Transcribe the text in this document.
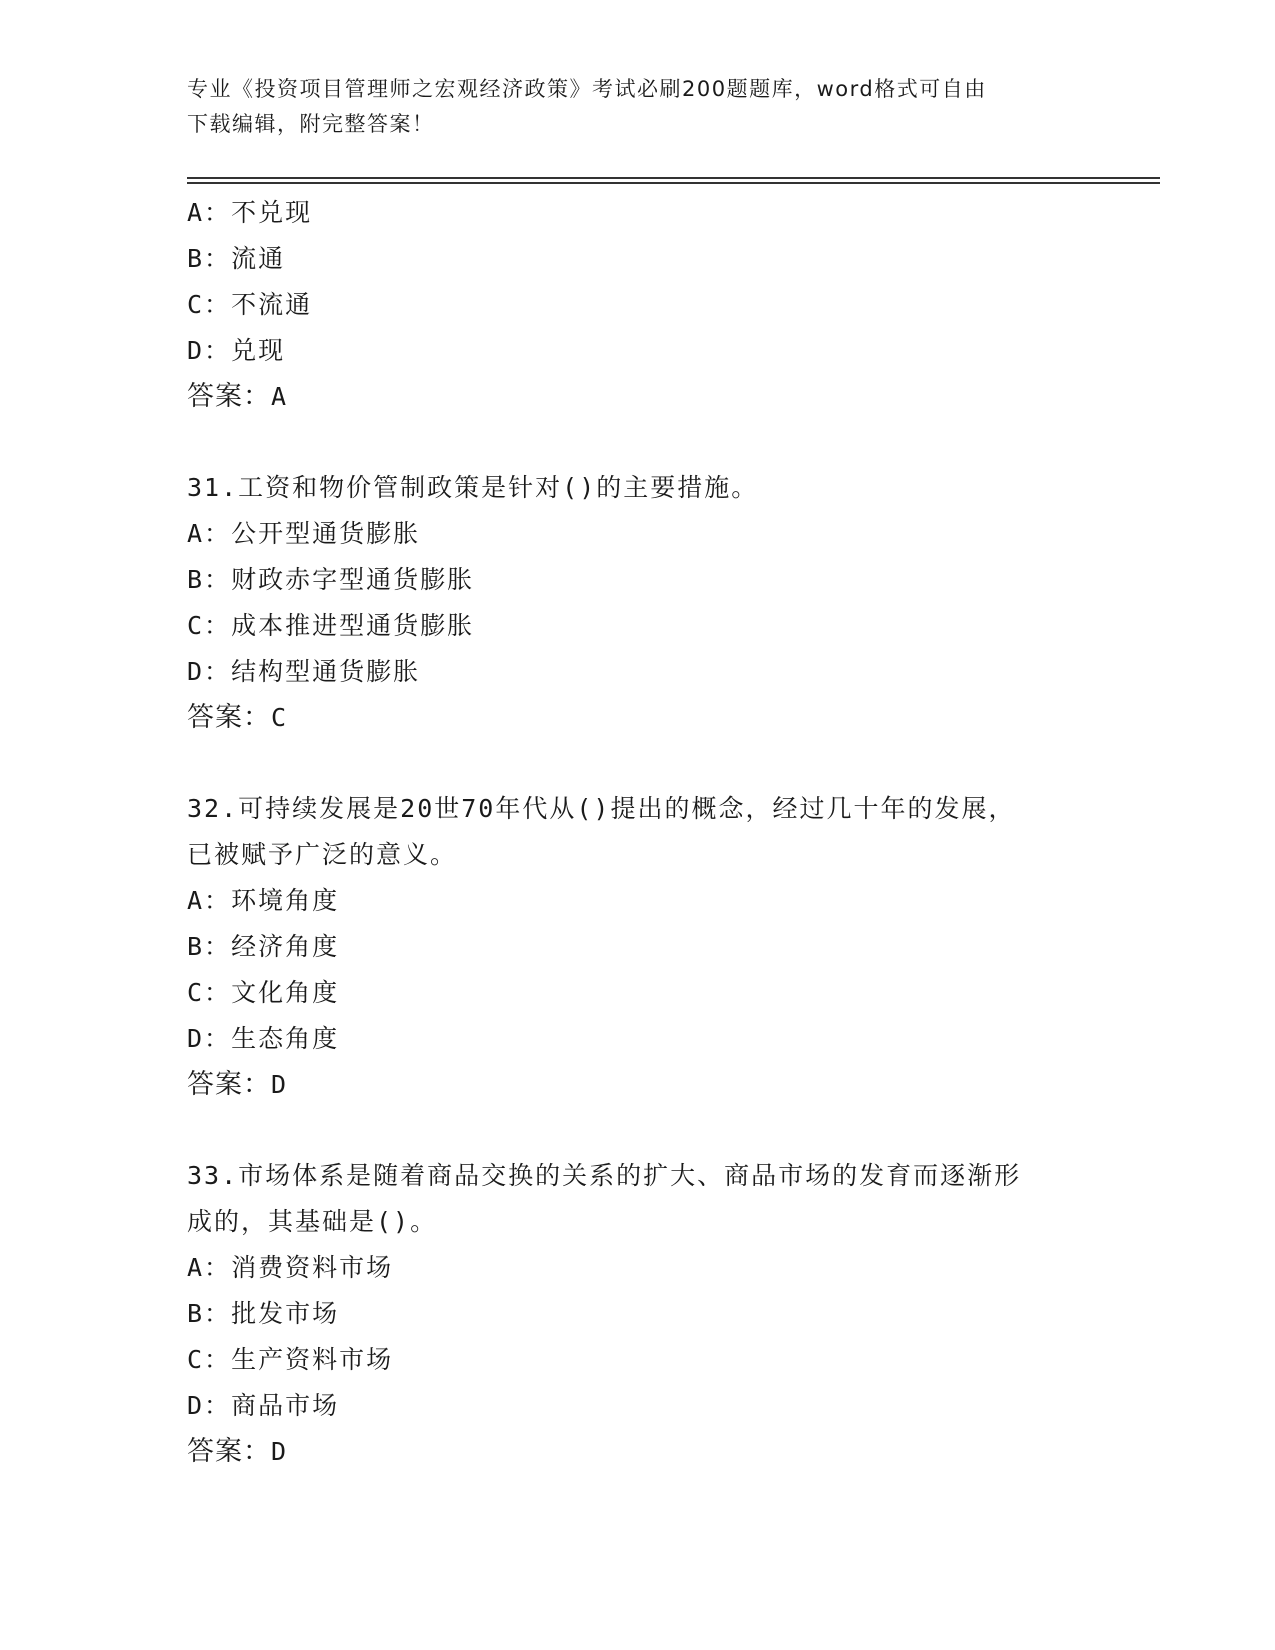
专业《投资项目管理师之宏观经济政策》考试必刷200题题库，word格式可自由
下载编辑，附完整答案！
A：不兑现
B：流通
C：不流通
D：兑现
答案：A
31.工资和物价管制政策是针对()的主要措施。
A：公开型通货膨胀
B：财政赤字型通货膨胀
C：成本推进型通货膨胀
D：结构型通货膨胀
答案：C
32.可持续发展是20世70年代从()提出的概念，经过几十年的发展，
已被赋予广泛的意义。
A：环境角度
B：经济角度
C：文化角度
D：生态角度
答案：D
33.市场体系是随着商品交换的关系的扩大、商品市场的发育而逐渐形
成的，其基础是()。
A：消费资料市场
B：批发市场
C：生产资料市场
D：商品市场
答案：D
